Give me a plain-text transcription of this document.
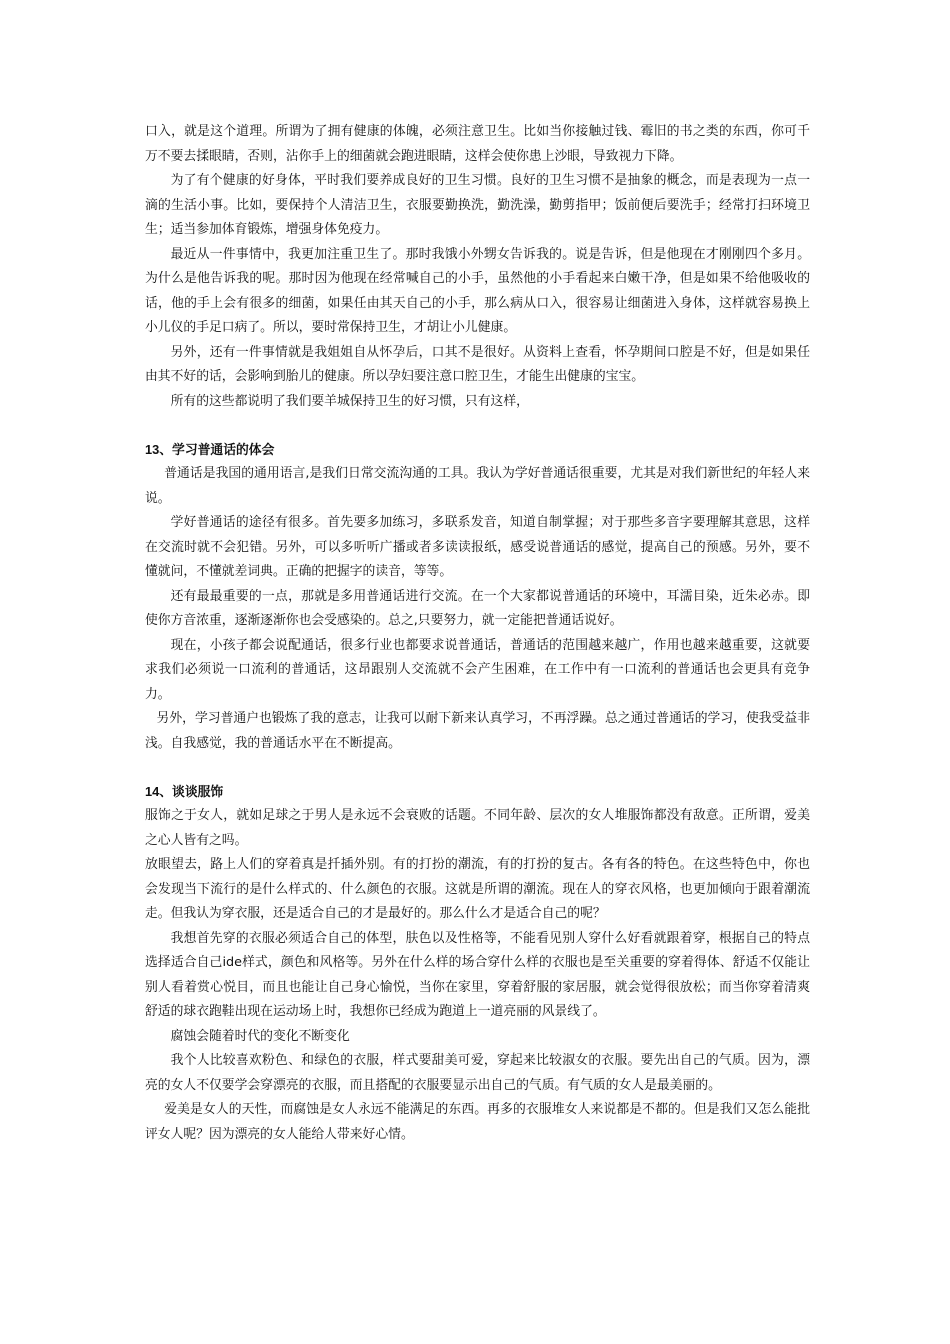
口入，就是这个道理。所谓为了拥有健康的体魄，必须注意卫生。比如当你接触过钱、霉旧的书之类的东西，你可千万不要去揉眼睛，否则，沾你手上的细菌就会跑进眼睛，这样会使你患上沙眼，导致视力下降。

为了有个健康的好身体，平时我们要养成良好的卫生习惯。良好的卫生习惯不是抽象的概念，而是表现为一点一滴的生活小事。比如，要保持个人清洁卫生，衣服要勤换洗，勤洗澡，勤剪指甲；饭前便后要洗手；经常打扫环境卫生；适当参加体育锻炼，增强身体免疫力。

最近从一件事情中，我更加注重卫生了。那时我饿小外甥女告诉我的。说是告诉，但是他现在才刚刚四个多月。为什么是他告诉我的呢。那时因为他现在经常喊自己的小手，虽然他的小手看起来白嫩干净，但是如果不给他吸收的话，他的手上会有很多的细菌，如果任由其天自己的小手，那么病从口入，很容易让细菌进入身体，这样就容易换上小儿仪的手足口病了。所以，要时常保持卫生，才胡让小儿健康。

另外，还有一件事情就是我姐姐自从怀孕后，口其不是很好。从资料上查看，怀孕期间口腔是不好，但是如果任由其不好的话，会影响到胎儿的健康。所以孕妇要注意口腔卫生，才能生出健康的宝宝。

所有的这些都说明了我们要羊城保持卫生的好习惯，只有这样，

13、学习普通话的体会

普通话是我国的通用语言,是我们日常交流沟通的工具。我认为学好普通话很重要，尤其是对我们新世纪的年轻人来说。

学好普通话的途径有很多。首先要多加练习，多联系发音，知道自制掌握；对于那些多音字要理解其意思，这样在交流时就不会犯错。另外，可以多听听广播或者多读读报纸，感受说普通话的感觉，提高自己的预感。另外，要不懂就问，不懂就差词典。正确的把握字的读音，等等。

还有最最重要的一点，那就是多用普通话进行交流。在一个大家都说普通话的环境中，耳濡目染，近朱必赤。即使你方音浓重，逐渐逐渐你也会受感染的。总之,只要努力，就一定能把普通话说好。

现在，小孩子都会说配通话，很多行业也都要求说普通话，普通话的范围越来越广，作用也越来越重要，这就要求我们必须说一口流利的普通话，这昂跟别人交流就不会产生困难，在工作中有一口流利的普通话也会更具有竞争力。

另外，学习普通户也锻炼了我的意志，让我可以耐下新来认真学习，不再浮躁。总之通过普通话的学习，使我受益非浅。自我感觉，我的普通话水平在不断提高。

14、谈谈服饰

服饰之于女人，就如足球之于男人是永远不会衰败的话题。不同年龄、层次的女人堆服饰都没有敌意。正所谓，爱美之心人皆有之吗。

放眼望去，路上人们的穿着真是扦插外别。有的打扮的潮流，有的打扮的复古。各有各的特色。在这些特色中，你也会发现当下流行的是什么样式的、什么颜色的衣服。这就是所谓的潮流。现在人的穿衣风格，也更加倾向于跟着潮流走。但我认为穿衣服，还是适合自己的才是最好的。那么什么才是适合自己的呢？

我想首先穿的衣服必须适合自己的体型，肤色以及性格等，不能看见别人穿什么好看就跟着穿，根据自己的特点选择适合自己ide样式，颜色和风格等。另外在什么样的场合穿什么样的衣服也是至关重要的穿着得体、舒适不仅能让别人看着赏心悦目，而且也能让自己身心愉悦，当你在家里，穿着舒服的家居服，就会觉得很放松；而当你穿着清爽舒适的球衣跑鞋出现在运动场上时，我想你已经成为跑道上一道亮丽的风景线了。

腐蚀会随着时代的变化不断变化

我个人比较喜欢粉色、和绿色的衣服，样式要甜美可爱，穿起来比较淑女的衣服。要先出自己的气质。因为，漂亮的女人不仅要学会穿漂亮的衣服，而且搭配的衣服要显示出自己的气质。有气质的女人是最美丽的。

爱美是女人的天性，而腐蚀是女人永远不能满足的东西。再多的衣服堆女人来说都是不都的。但是我们又怎么能批评女人呢？因为漂亮的女人能给人带来好心情。
